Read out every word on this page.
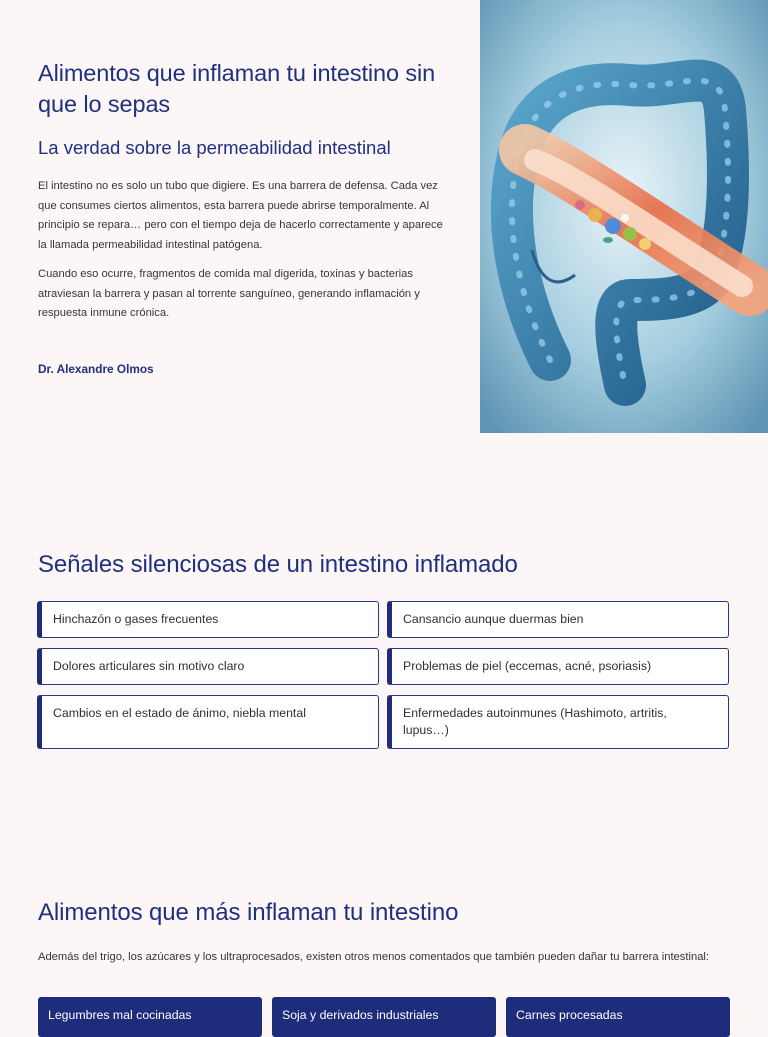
Alimentos que inflaman tu intestino sin que lo sepas
La verdad sobre la permeabilidad intestinal

El intestino no es solo un tubo que digiere. Es una barrera de defensa. Cada vez que consumes ciertos alimentos, esta barrera puede abrirse temporalmente. Al principio se repara… pero con el tiempo deja de hacerlo correctamente y aparece la llamada permeabilidad intestinal patógena.

Cuando eso ocurre, fragmentos de comida mal digerida, toxinas y bacterias atraviesan la barrera y pasan al torrente sanguíneo, generando inflamación y respuesta inmune crónica.

Dr. Alexandre Olmos

Señales silenciosas de un intestino inflamado
Hinchazón o gases frecuentes	Cansancio aunque duermas bien
Dolores articulares sin motivo claro	Problemas de piel (eccemas, acné, psoriasis)
Cambios en el estado de ánimo, niebla mental	Enfermedades autoinmunes (Hashimoto, artritis, lupus…)
Alimentos que más inflaman tu intestino

Además del trigo, los azúcares y los ultraprocesados, existen otros menos comentados que también pueden dañar tu barrera intestinal:

Legumbres mal cocinadas	Soja y derivados industriales	Carnes procesadas
